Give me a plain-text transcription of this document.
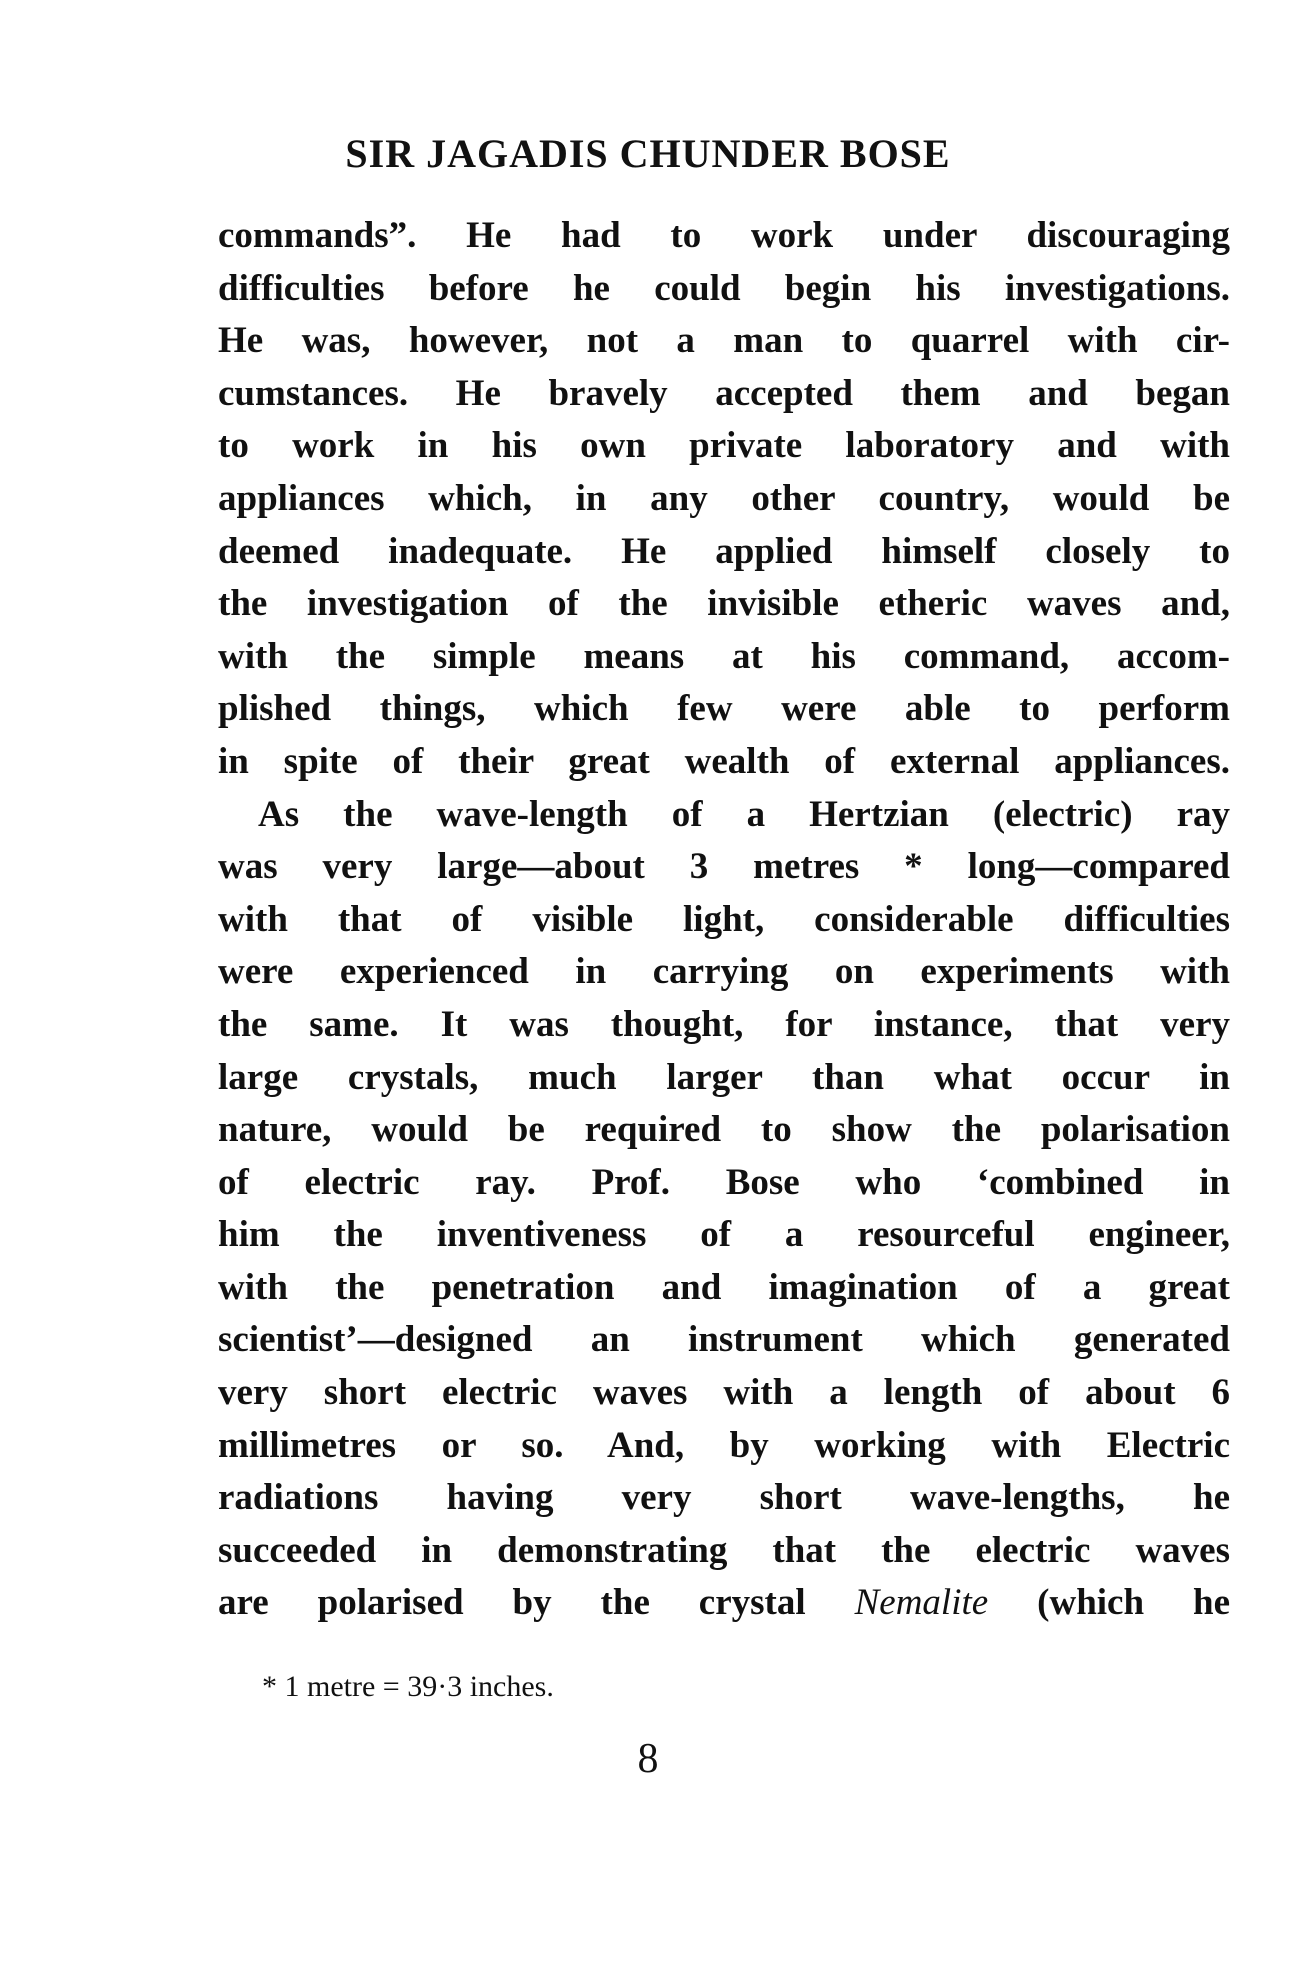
SIR JAGADIS CHUNDER BOSE
commands”. He had to work under discouraging
difficulties before he could begin his investigations.
He was, however, not a man to quarrel with cir-
cumstances. He bravely accepted them and began
to work in his own private laboratory and with
appliances which, in any other country, would be
deemed inadequate. He applied himself closely to
the investigation of the invisible etheric waves and,
with the simple means at his command, accom-
plished things, which few were able to perform
in spite of their great wealth of external appliances.
As the wave-length of a Hertzian (electric) ray
was very large—about 3 metres * long—compared
with that of visible light, considerable difficulties
were experienced in carrying on experiments with
the same. It was thought, for instance, that very
large crystals, much larger than what occur in
nature, would be required to show the polarisation
of electric ray. Prof. Bose who ‘combined in
him the inventiveness of a resourceful engineer,
with the penetration and imagination of a great
scientist’—designed an instrument which generated
very short electric waves with a length of about 6
millimetres or so. And, by working with Electric
radiations having very short wave-lengths, he
succeeded in demonstrating that the electric waves
are polarised by the crystal Nemalite (which he

* 1 metre = 39·3 inches.

8
